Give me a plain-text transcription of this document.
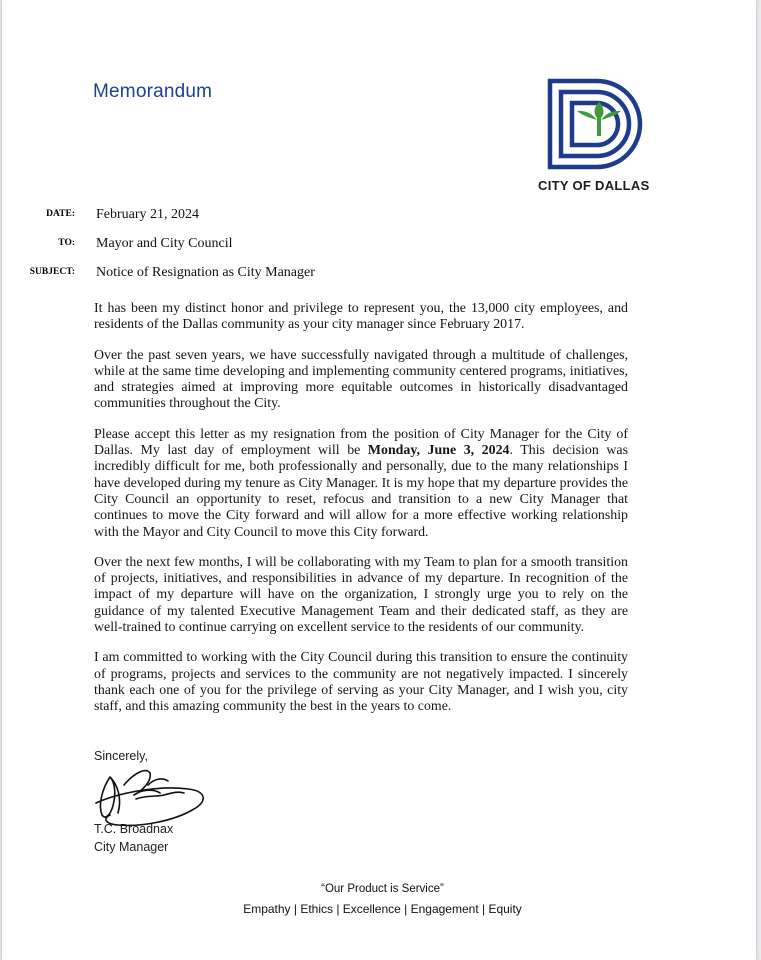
Memorandum
CITY OF DALLAS
DATE: February 21, 2024
TO: Mayor and City Council
SUBJECT: Notice of Resignation as City Manager

It has been my distinct honor and privilege to represent you, the 13,000 city employees, and residents of the Dallas community as your city manager since February 2017.

Over the past seven years, we have successfully navigated through a multitude of challenges, while at the same time developing and implementing community centered programs, initiatives, and strategies aimed at improving more equitable outcomes in historically disadvantaged communities throughout the City.

Please accept this letter as my resignation from the position of City Manager for the City of Dallas. My last day of employment will be Monday, June 3, 2024. This decision was incredibly difficult for me, both professionally and personally, due to the many relationships I have developed during my tenure as City Manager. It is my hope that my departure provides the City Council an opportunity to reset, refocus and transition to a new City Manager that continues to move the City forward and will allow for a more effective working relationship with the Mayor and City Council to move this City forward.

Over the next few months, I will be collaborating with my Team to plan for a smooth transition of projects, initiatives, and responsibilities in advance of my departure. In recognition of the impact of my departure will have on the organization, I strongly urge you to rely on the guidance of my talented Executive Management Team and their dedicated staff, as they are well-trained to continue carrying on excellent service to the residents of our community.

I am committed to working with the City Council during this transition to ensure the continuity of programs, projects and services to the community are not negatively impacted. I sincerely thank each one of you for the privilege of serving as your City Manager, and I wish you, city staff, and this amazing community the best in the years to come.

Sincerely,
T.C. Broadnax
City Manager
“Our Product is Service”
Empathy | Ethics | Excellence | Engagement | Equity
